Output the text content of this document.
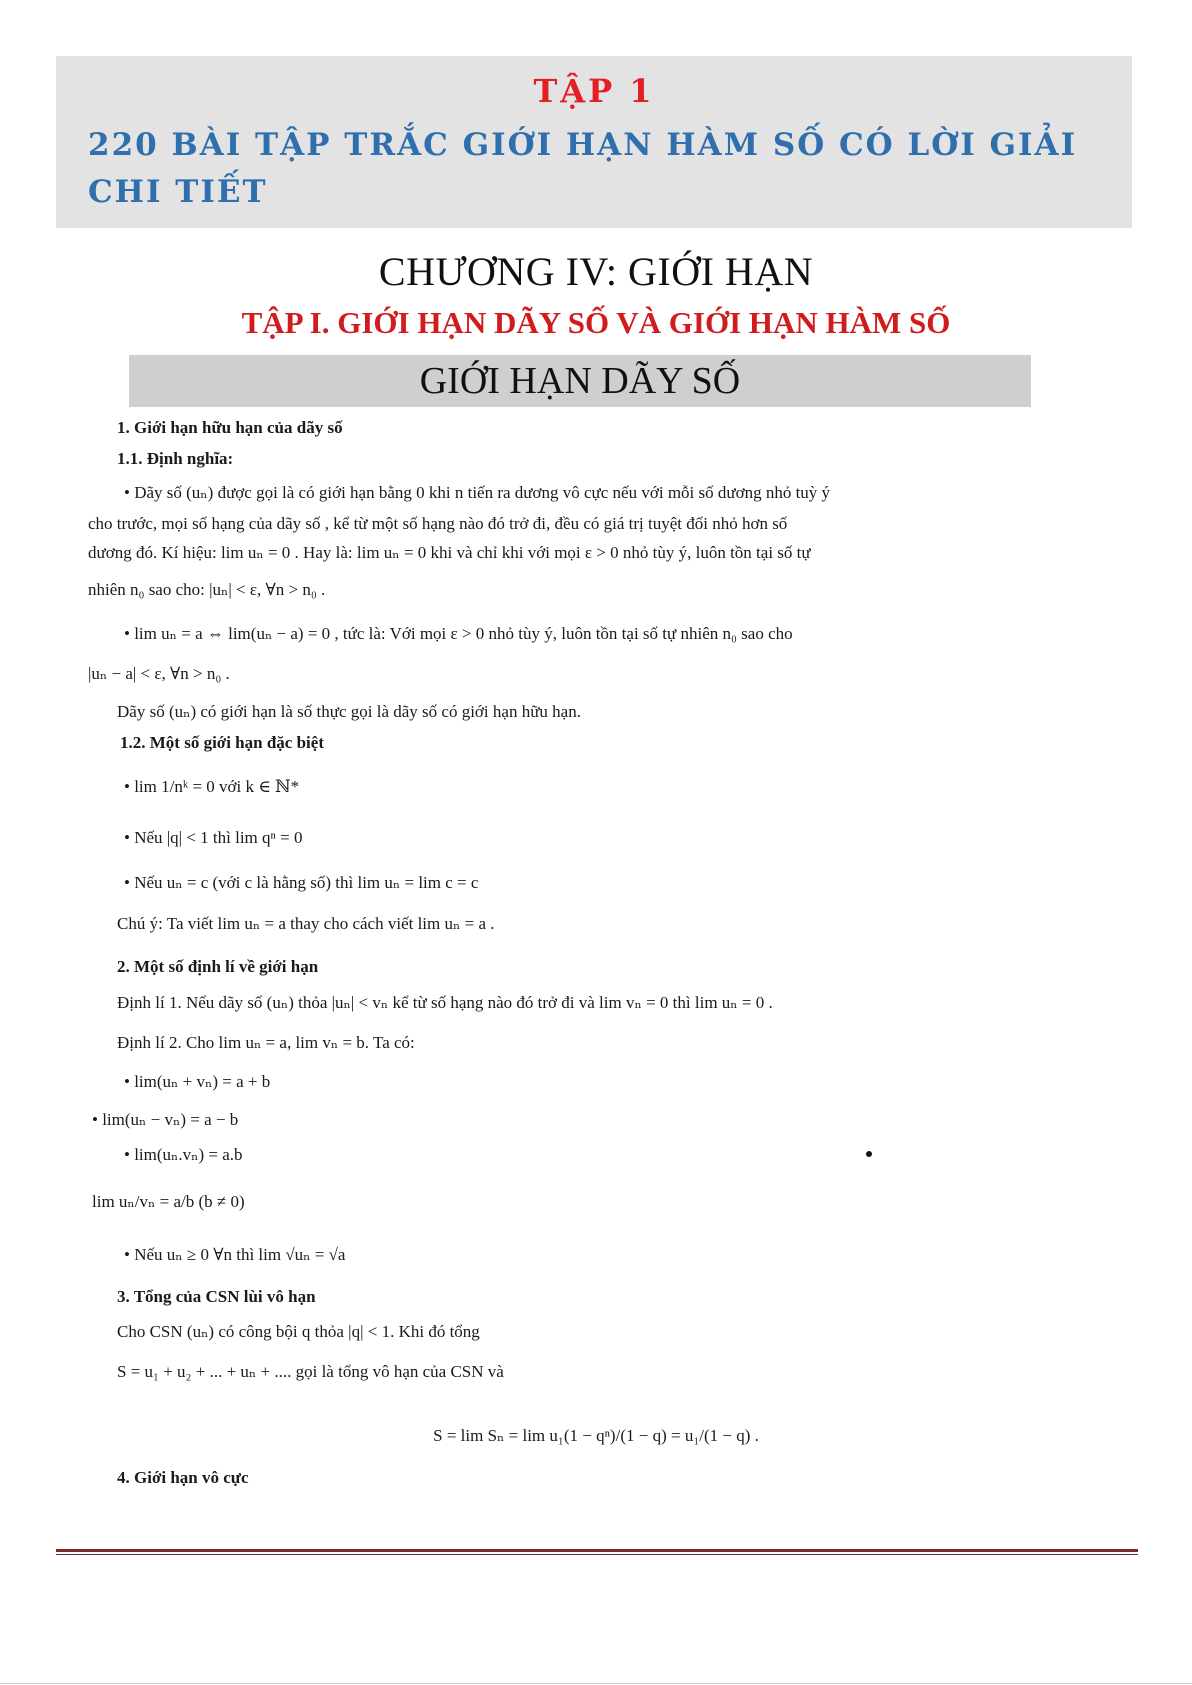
TẬP 1
220 BÀI TẬP TRẮC GIỚI HẠN HÀM SỐ CÓ LỜI GIẢI CHI TIẾT
CHƯƠNG IV: GIỚI HẠN
TẬP I. GIỚI HẠN DÃY SỐ VÀ GIỚI HẠN HÀM SỐ
GIỚI HẠN DÃY SỐ
1. Giới hạn hữu hạn của dãy số
1.1. Định nghĩa:
• Dãy số (uₙ) được gọi là có giới hạn bằng 0 khi n tiến ra dương vô cực nếu với mỗi số dương nhỏ tuỳ ý
cho trước, mọi số hạng của dãy số , kể từ một số hạng nào đó trở đi, đều có giá trị tuyệt đối nhỏ hơn số
dương đó. Kí hiệu: lim uₙ = 0 . Hay là: lim uₙ = 0 khi và chỉ khi với mọi ε > 0 nhỏ tùy ý, luôn tồn tại số tự
nhiên n₀ sao cho: |uₙ| < ε, ∀n > n₀ .
• lim uₙ = a ⇔ lim(uₙ − a) = 0 , tức là: Với mọi ε > 0 nhỏ tùy ý, luôn tồn tại số tự nhiên n₀ sao cho
|uₙ − a| < ε, ∀n > n₀ .
Dãy số (uₙ) có giới hạn là số thực gọi là dãy số có giới hạn hữu hạn.
1.2. Một số giới hạn đặc biệt
• lim 1/nᵏ = 0 với k ∈ ℕ*
• Nếu |q| < 1 thì lim qⁿ = 0
• Nếu uₙ = c (với c là hằng số) thì lim uₙ = lim c = c
Chú ý: Ta viết lim uₙ = a thay cho cách viết lim uₙ = a .
2. Một số định lí về giới hạn
Định lí 1. Nếu dãy số (uₙ) thỏa |uₙ| < vₙ kể từ số hạng nào đó trở đi và lim vₙ = 0 thì lim uₙ = 0 .
Định lí 2. Cho lim uₙ = a, lim vₙ = b. Ta có:
• lim(uₙ + vₙ) = a + b
• lim(uₙ − vₙ) = a − b
• lim(uₙ.vₙ) = a.b
lim uₙ/vₙ = a/b (b ≠ 0)
• Nếu uₙ ≥ 0 ∀n thì lim √uₙ = √a
3. Tổng của CSN lùi vô hạn
Cho CSN (uₙ) có công bội q thỏa |q| < 1. Khi đó tổng
S = u₁ + u₂ + ... + uₙ + .... gọi là tổng vô hạn của CSN và
S = lim Sₙ = lim u₁(1 − qⁿ)/(1 − q) = u₁/(1 − q) .
4. Giới hạn vô cực
